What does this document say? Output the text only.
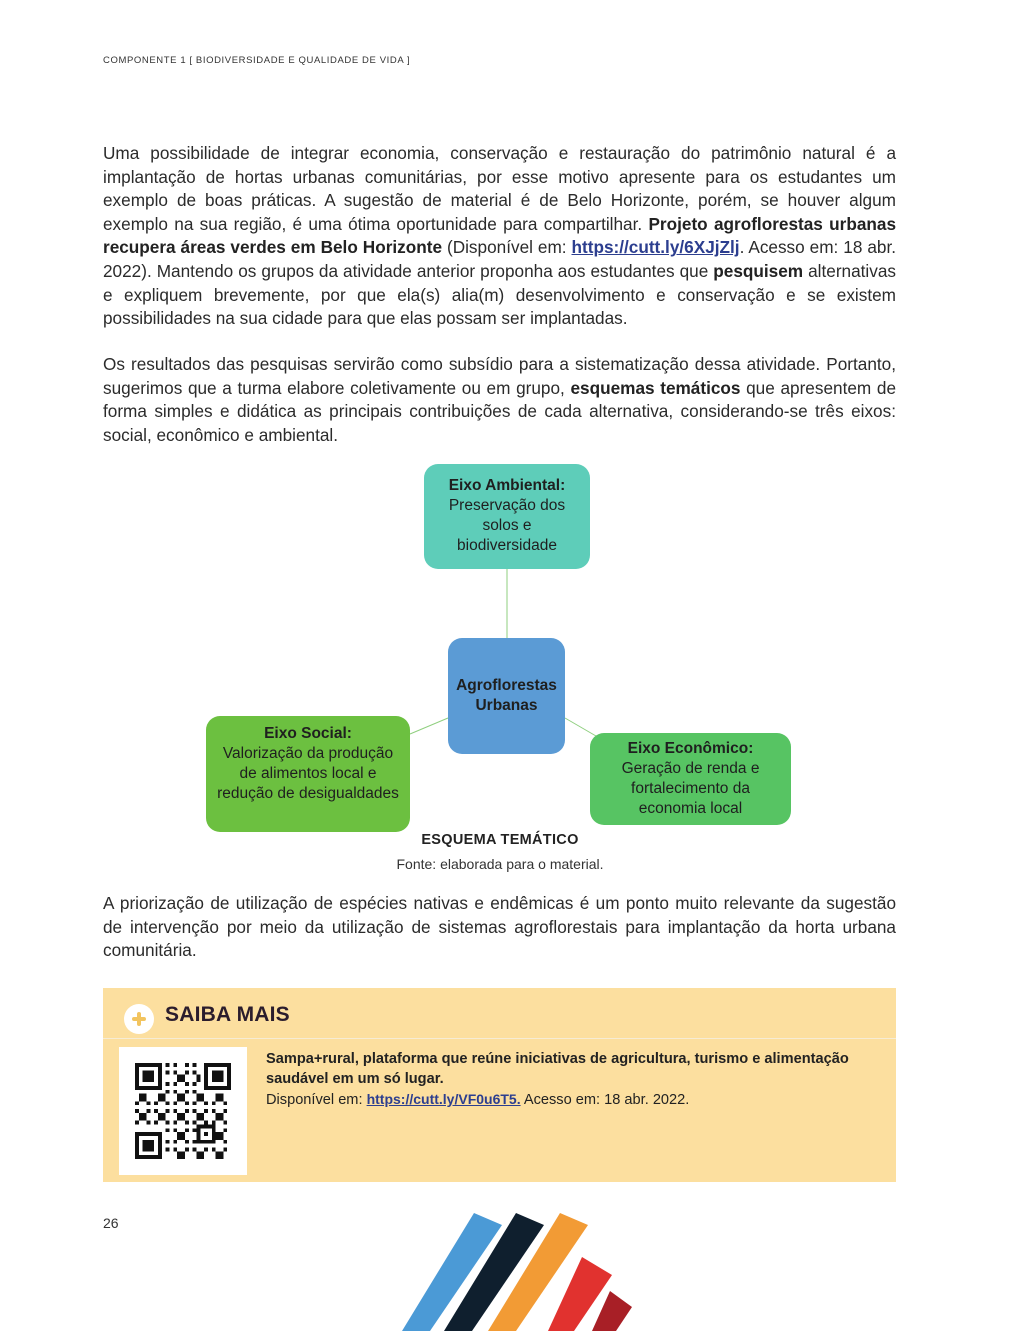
COMPONENTE 1 [ BIODIVERSIDADE E QUALIDADE DE VIDA ]

Uma possibilidade de integrar economia, conservação e restauração do patrimônio natural é a implantação de hortas urbanas comunitárias, por esse motivo apresente para os estudantes um exemplo de boas práticas. A sugestão de material é de Belo Horizonte, porém, se houver algum exemplo na sua região, é uma ótima oportunidade para compartilhar. Projeto agroflorestas urbanas recupera áreas verdes em Belo Horizonte (Disponível em: https://cutt.ly/6XJjZlj. Acesso em: 18 abr. 2022). Mantendo os grupos da atividade anterior proponha aos estudantes que pesquisem alternativas e expliquem brevemente, por que ela(s) alia(m) desenvolvimento e conservação e se existem possibilidades na sua cidade para que elas possam ser implantadas.

Os resultados das pesquisas servirão como subsídio para a sistematização dessa atividade. Portanto, sugerimos que a turma elabore coletivamente ou em grupo, esquemas temáticos que apresentem de forma simples e didática as principais contribuições de cada alternativa, considerando-se três eixos: social, econômico e ambiental.

Eixo Ambiental:
Preservação dos solos e biodiversidade
Agroflorestas Urbanas
Eixo Social:
Valorização da produção de alimentos local e redução de desigualdades
Eixo Econômico:
Geração de renda e fortalecimento da economia local
ESQUEMA TEMÁTICO
Fonte: elaborada para o material.

A priorização de utilização de espécies nativas e endêmicas é um ponto muito relevante da sugestão de intervenção por meio da utilização de sistemas agroflorestais para implantação da horta urbana comunitária.

SAIBA MAIS
Sampa+rural, plataforma que reúne iniciativas de agricultura, turismo e alimentação saudável em um só lugar.
Disponível em: https://cutt.ly/VF0u6T5. Acesso em: 18 abr. 2022.
26
